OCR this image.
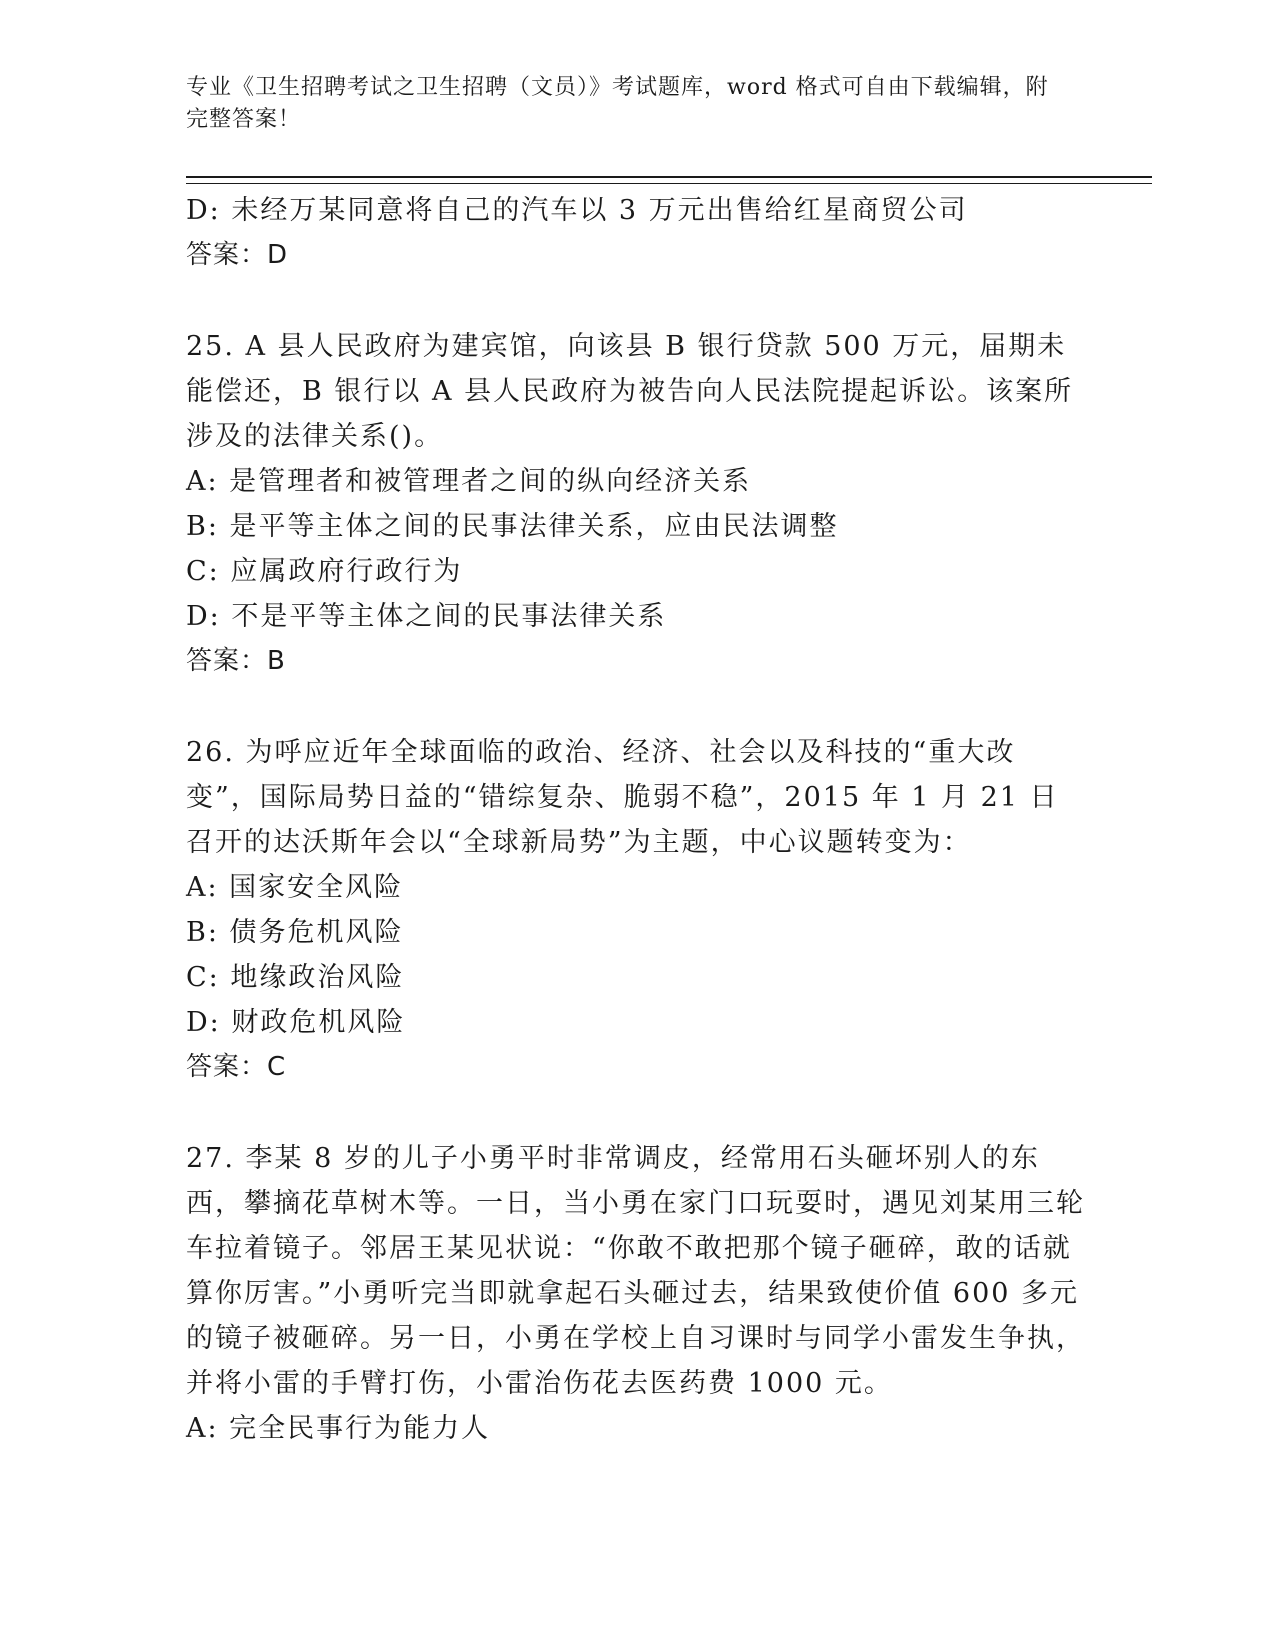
专业《卫生招聘考试之卫生招聘（文员）》考试题库，word 格式可自由下载编辑，附完整答案！
D: 未经万某同意将自己的汽车以 3 万元出售给红星商贸公司
答案：D
25. A 县人民政府为建宾馆，向该县 B 银行贷款 500 万元，届期未能偿还，B 银行以 A 县人民政府为被告向人民法院提起诉讼。该案所涉及的法律关系()。
A: 是管理者和被管理者之间的纵向经济关系
B: 是平等主体之间的民事法律关系，应由民法调整
C: 应属政府行政行为
D: 不是平等主体之间的民事法律关系
答案：B
26. 为呼应近年全球面临的政治、经济、社会以及科技的“重大改变”，国际局势日益的“错综复杂、脆弱不稳”，2015 年 1 月 21 日召开的达沃斯年会以“全球新局势”为主题，中心议题转变为：
A: 国家安全风险
B: 债务危机风险
C: 地缘政治风险
D: 财政危机风险
答案：C
27. 李某 8 岁的儿子小勇平时非常调皮，经常用石头砸坏别人的东西，攀摘花草树木等。一日，当小勇在家门口玩耍时，遇见刘某用三轮车拉着镜子。邻居王某见状说：“你敢不敢把那个镜子砸碎，敢的话就算你厉害。”小勇听完当即就拿起石头砸过去，结果致使价值 600 多元的镜子被砸碎。另一日，小勇在学校上自习课时与同学小雷发生争执，并将小雷的手臂打伤，小雷治伤花去医药费 1000 元。
A: 完全民事行为能力人
